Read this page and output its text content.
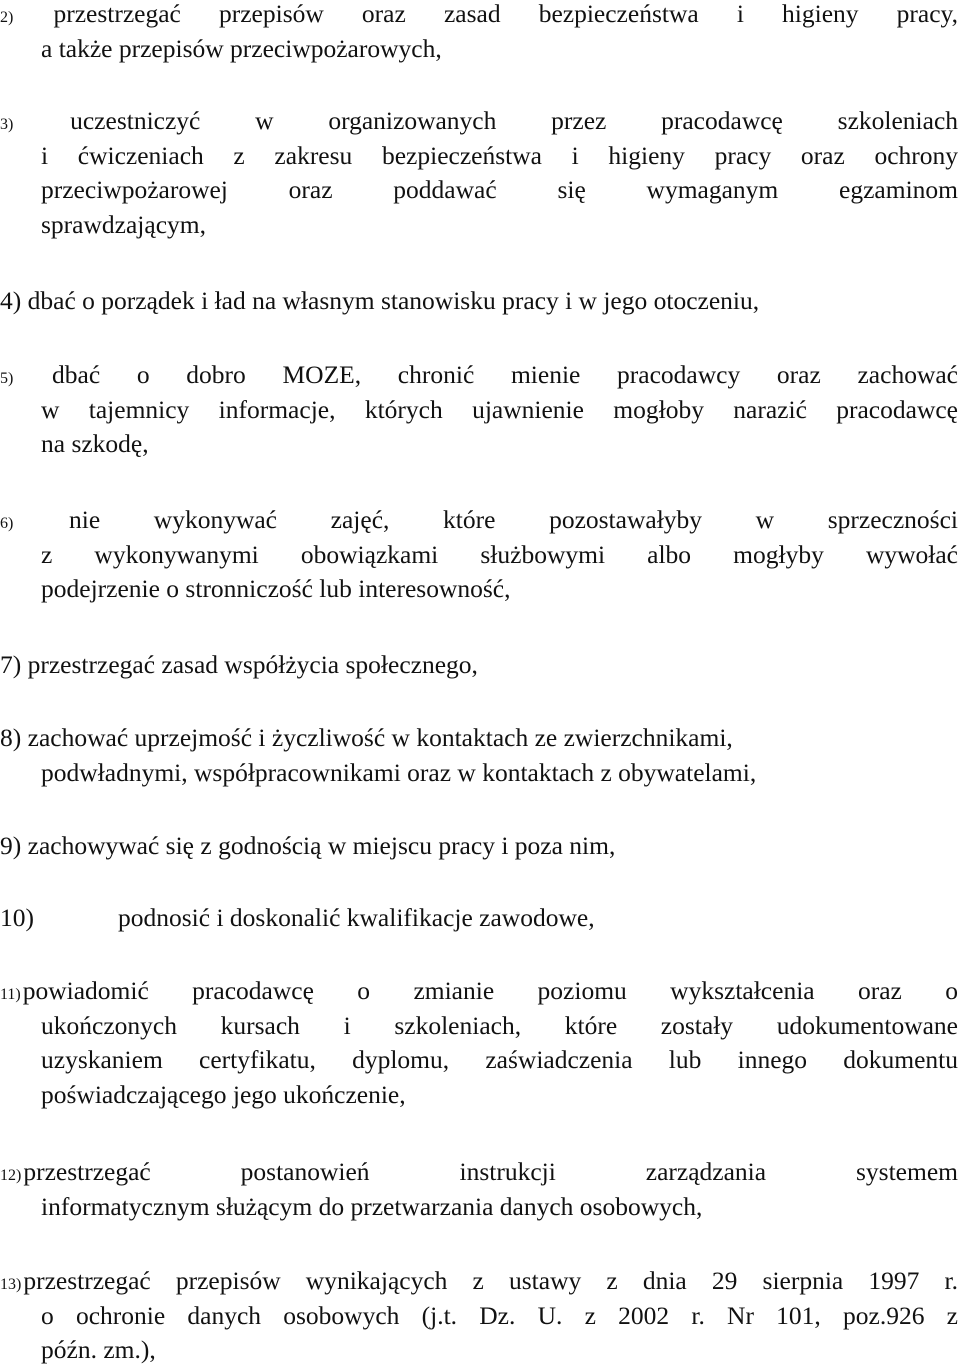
2) przestrzegać przepisów oraz zasad bezpieczeństwa i higieny pracy,
a także przepisów przeciwpożarowych,
3) uczestniczyć w organizowanych przez pracodawcę szkoleniach
i ćwiczeniach z zakresu bezpieczeństwa i higieny pracy oraz ochrony
przeciwpożarowej oraz poddawać się wymaganym egzaminom
sprawdzającym,
4) dbać o porządek i ład na własnym stanowisku pracy i w jego otoczeniu,
5) dbać o dobro MOZE, chronić mienie pracodawcy oraz zachować
w tajemnicy informacje, których ujawnienie mogłoby narazić pracodawcę
na szkodę,
6) nie wykonywać zajęć, które pozostawałyby w sprzeczności
z wykonywanymi obowiązkami służbowymi albo mogłyby wywołać
podejrzenie o stronniczość lub interesowność,
7) przestrzegać zasad współżycia społecznego,
8) zachować uprzejmość i życzliwość w kontaktach ze zwierzchnikami,
podwładnymi, współpracownikami oraz w kontaktach z obywatelami,
9) zachowywać się z godnością w miejscu pracy i poza nim,
10)	podnosić i doskonalić kwalifikacje zawodowe,
11)powiadomić pracodawcę o zmianie poziomu wykształcenia oraz o
ukończonych kursach i szkoleniach, które zostały udokumentowane
uzyskaniem certyfikatu, dyplomu, zaświadczenia lub innego dokumentu
poświadczającego jego ukończenie,
12)przestrzegać postanowień instrukcji zarządzania systemem
informatycznym służącym do przetwarzania danych osobowych,
13)przestrzegać przepisów wynikających z ustawy z dnia 29 sierpnia 1997 r.
o ochronie danych osobowych (j.t. Dz. U. z 2002 r. Nr 101, poz.926 z
późn. zm.),
